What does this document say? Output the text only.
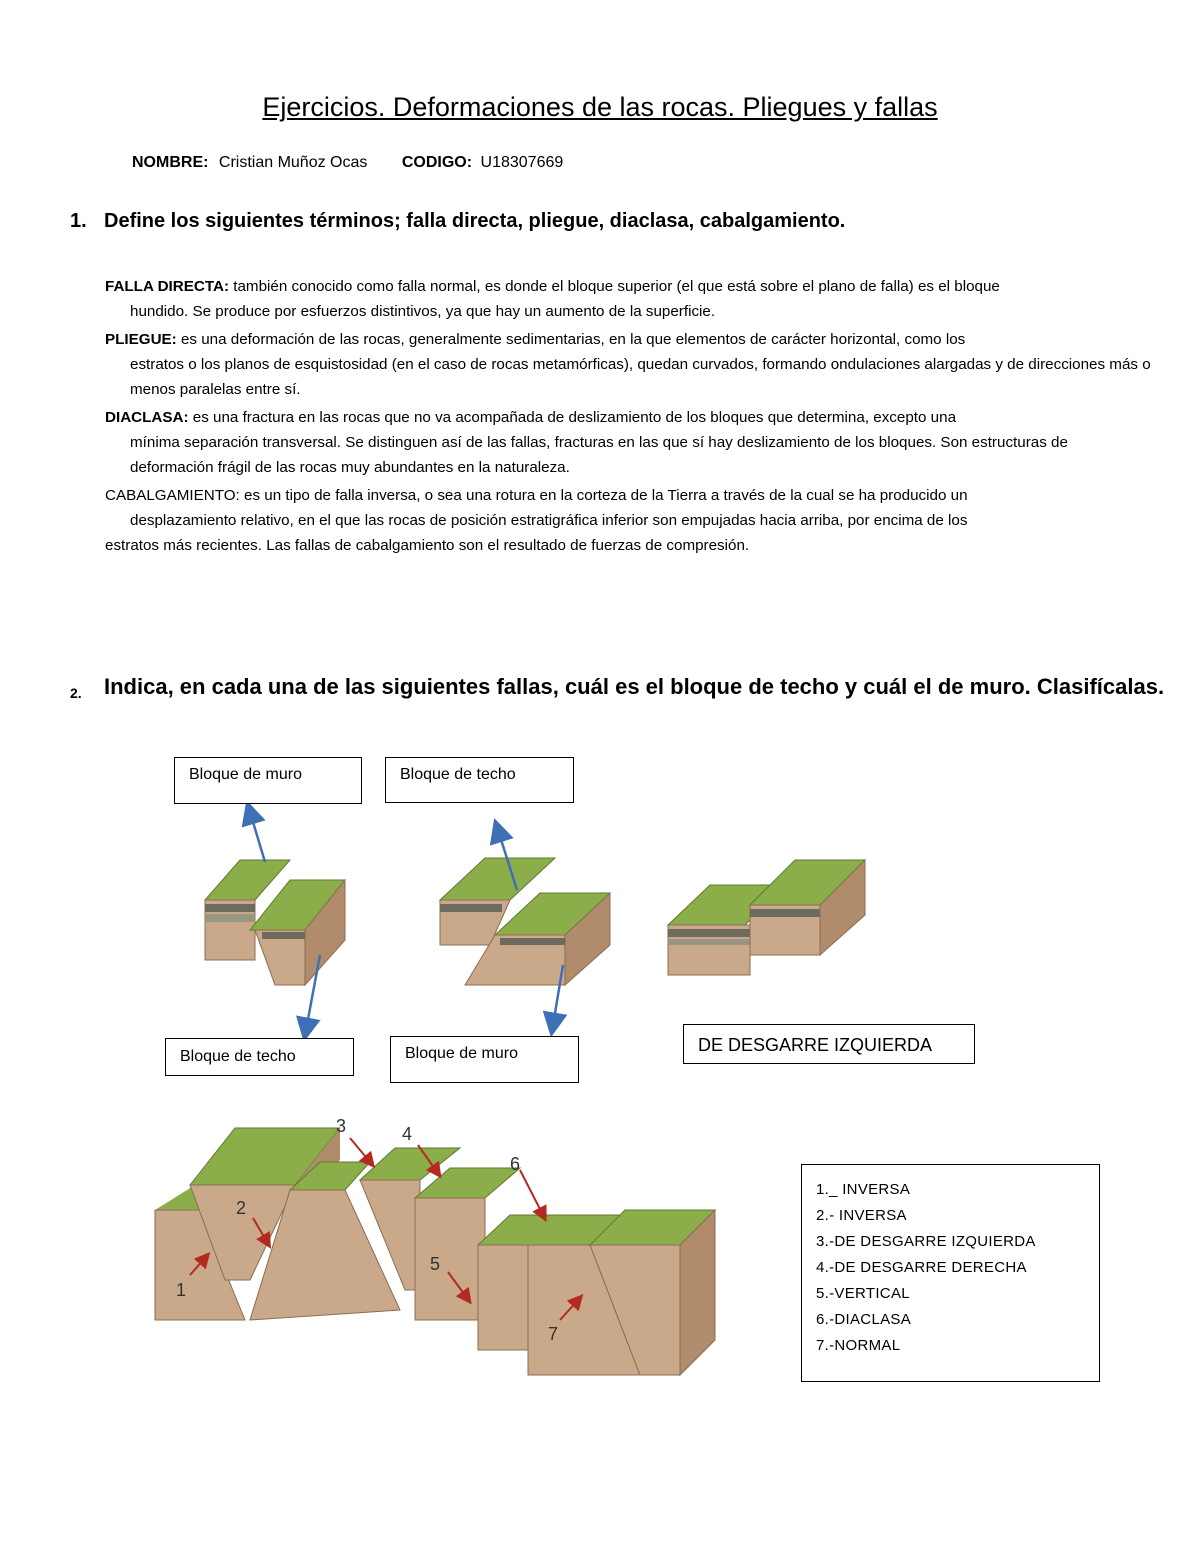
Ejercicios. Deformaciones de las rocas. Pliegues y fallas
NOMBRE: Cristian Muñoz Ocas CODIGO: U18307669
1. Define los siguientes términos; falla directa, pliegue, diaclasa, cabalgamiento.
FALLA DIRECTA: también conocido como falla normal, es donde el bloque superior (el que está sobre el plano de falla) es el bloque
hundido. Se produce por esfuerzos distintivos, ya que hay un aumento de la superficie.
PLIEGUE: es una deformación de las rocas, generalmente sedimentarias, en la que elementos de carácter horizontal, como los
estratos o los planos de esquistosidad (en el caso de rocas metamórficas), quedan curvados, formando ondulaciones alargadas y de direcciones más o menos paralelas entre sí.
DIACLASA: es una fractura en las rocas que no va acompañada de deslizamiento de los bloques que determina, excepto una
mínima separación transversal. Se distinguen así de las fallas, fracturas en las que sí hay deslizamiento de los bloques. Son estructuras de deformación frágil de las rocas muy abundantes en la naturaleza.
CABALGAMIENTO: es un tipo de falla inversa, o sea una rotura en la corteza de la Tierra a través de la cual se ha producido un
desplazamiento relativo, en el que las rocas de posición estratigráfica inferior son empujadas hacia arriba, por encima de los
estratos más recientes. Las fallas de cabalgamiento son el resultado de fuerzas de compresión.
2. Indica, en cada una de las siguientes fallas, cuál es el bloque de techo y cuál el de muro. Clasifícalas.
1
2
3	4
5
6
7
Bloque de muro	Bloque de techo
Bloque de techo	Bloque de muro	DE DESGARRE IZQUIERDA
1._ INVERSA
2.- INVERSA
3.-DE DESGARRE IZQUIERDA
4.-DE DESGARRE DERECHA
5.-VERTICAL
6.-DIACLASA
7.-NORMAL
